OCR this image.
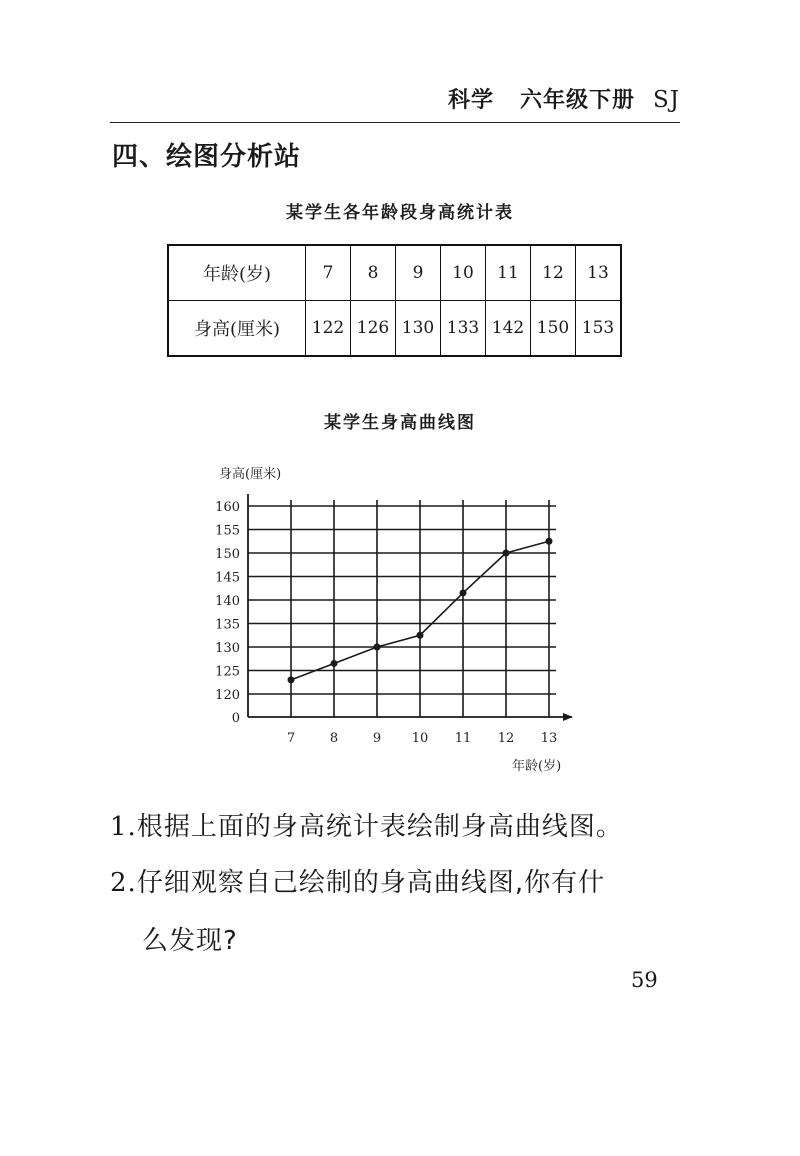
科学 六年级下册 SJ
四、绘图分析站
某学生各年龄段身高统计表
年龄(岁)	7	8	9	10	11	12	13
身高(厘米)	122	126	130	133	142	150	153
某学生身高曲线图
身高(厘米)
年龄(岁)
0
120
125
130
135
140
145
150
155
160
7	8	9 10 11 12 13
1.根据上面的身高统计表绘制身高曲线图。
2.仔细观察自己绘制的身高曲线图,你有什
么发现?
59
